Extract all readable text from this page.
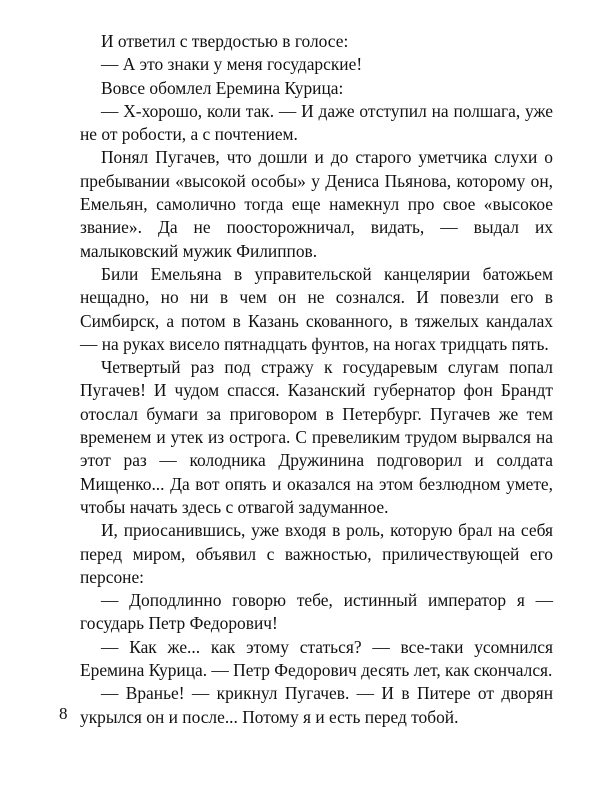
И ответил с твердостью в голосе:

— А это знаки у меня государские!

Вовсе обомлел Еремина Курица:

— Х-хорошо, коли так. — И даже отступил на полшага, уже не от робости, а с почтением.

Понял Пугачев, что дошли и до старого уметчика слухи о пребывании «высокой особы» у Дениса Пьянова, которому он, Емельян, самолично тогда еще намекнул про свое «высокое звание». Да не поосторожничал, видать, — выдал их малыковский мужик Филиппов.

Били Емельяна в управительской канцелярии батожьем нещадно, но ни в чем он не сознался. И повезли его в Симбирск, а потом в Казань скованного, в тяжелых кандалах — на руках висело пятнадцать фунтов, на ногах тридцать пять.

Четвертый раз под стражу к государевым слугам попал Пугачев! И чудом спасся. Казанский губернатор фон Брандт отослал бумаги за приговором в Петербург. Пугачев же тем временем и утек из острога. С превеликим трудом вырвался на этот раз — колодника Дружинина подговорил и солдата Мищенко... Да вот опять и оказался на этом безлюдном умете, чтобы начать здесь с отвагой задуманное.

И, приосанившись, уже входя в роль, которую брал на себя перед миром, объявил с важностью, приличествующей его персоне:

— Доподлинно говорю тебе, истинный император я — государь Петр Федорович!

— Как же... как этому статься? — все-таки усомнился Еремина Курица. — Петр Федорович десять лет, как скончался.

— Вранье! — крикнул Пугачев. — И в Питере от дворян укрылся он и после... Потому я и есть перед тобой.

8
